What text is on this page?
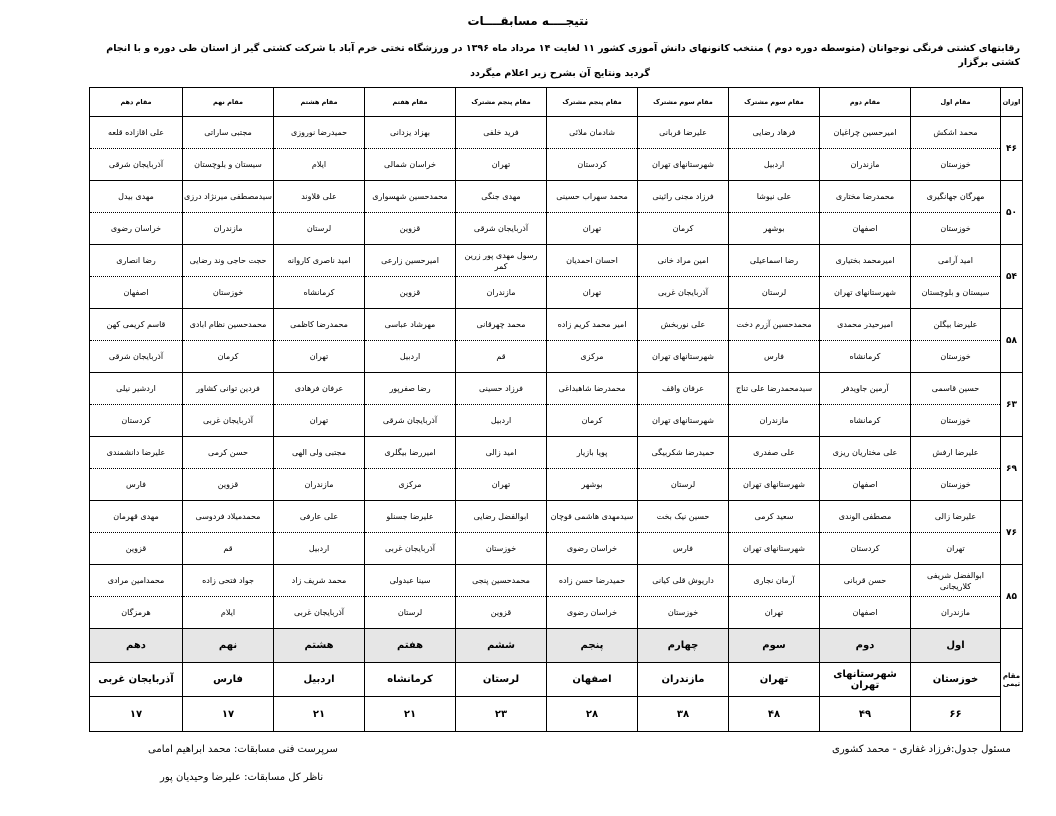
نتیجــــه مسابقــــات
رقابتهای کشتی فرنگی نوجوانان (متوسطه دوره دوم ) منتخب کانونهای دانش آموزی کشور ۱۱ لغایت ۱۴ مرداد ماه ۱۳۹۶ در ورزشگاه تختی خرم آباد با شرکت کشتی گیر از استان طی دوره و با انجام کشتی برگزار
گردید ونتایج آن بشرح زیر اعلام میگردد
اوزان	مقام اول	مقام دوم	مقام سوم مشترک	مقام سوم مشترک	مقام پنجم مشترک	مقام پنجم مشترک	مقام هفتم	مقام هشتم	مقام نهم	مقام دهم
۴۶	محمد اشکش	امیرحسین چراغیان	فرهاد رضایی	علیرضا قربانی	شادمان ملائی	فرید خلفی	بهزاد یزدانی	حمیدرضا نوروزی	مجتبی ساراتی	علی اقازاده قلعه
	خوزستان	مازندران	اردبیل	شهرستانهای تهران	کردستان	تهران	خراسان شمالی	ایلام	سیستان و بلوچستان	آذربایجان شرقی
۵۰	مهرگان جهانگیری	محمدرضا مختاری	علی نیوشا	فرزاد مجنی راثینی	محمد سهراب حسینی	مهدی جنگی	محمدحسین شهسواری	علی قلاوند	سیدمصطفی میرنژاد درزی	مهدی بیدل
	خوزستان	اصفهان	بوشهر	کرمان	تهران	آذربایجان شرقی	قزوین	لرستان	مازندران	خراسان رضوی
۵۴	امید آرامی	امیرمحمد بختیاری	رضا اسماعیلی	امین مراد خانی	احسان احمدیان	رسول مهدی پور زرین کمر	امیرحسین زارعی	امید ناصری کاروانه	حجت حاجی وند رضایی	رضا انصاری
	سیستان و بلوچستان	شهرستانهای تهران	لرستان	آذربایجان غربی	تهران	مازندران	قزوین	کرمانشاه	خوزستان	اصفهان
۵۸	علیرضا بیگلن	امیرحیدر محمدی	محمدحسین آزرم دخت	علی نوربخش	امیر محمد کریم زاده	محمد چهرقانی	مهرشاد عباسی	محمدرضا کاظمی	محمدحسین نظام ابادی	قاسم کریمی کهن
	خوزستان	کرمانشاه	فارس	شهرستانهای تهران	مرکزی	قم	اردبیل	تهران	کرمان	آذربایجان شرقی
۶۳	حسین قاسمی	آرمین جاویدفر	سیدمحمدرضا علی تناج	عرفان واقف	محمدرضا شاهبداغی	فرزاد حسینی	رضا صفرپور	عرفان فرهادی	فردین توانی کشاور	اردشیر نیلی
	خوزستان	کرمانشاه	مازندران	شهرستانهای تهران	کرمان	اردبیل	آذربایجان شرقی	تهران	آذربایجان غربی	کردستان
۶۹	علیرضا ارفش	علی مختاریان ریزی	علی صفدری	حمیدرضا شکربیگی	پویا بازیار	امید زالی	امیررضا بیگلری	مجتبی ولی الهی	حسن کرمی	علیرضا دانشمندی
	خوزستان	اصفهان	شهرستانهای تهران	لرستان	بوشهر	تهران	مرکزی	مازندران	قزوین	فارس
۷۶	علیرضا زالی	مصطفی الوندی	سعید کرمی	حسین نیک بخت	سیدمهدی هاشمی قوچان	ابوالفضل رضایی	علیرضا جسنلو	علی عارفی	محمدمیلاد فردوسی	مهدی قهرمان
	تهران	کردستان	شهرستانهای تهران	فارس	خراسان رضوی	خوزستان	آذربایجان غربی	اردبیل	قم	قزوین
۸۵	ابوالفضل شریفی کلاریجانی	حسن قربانی	آرمان نجاری	داریوش قلی کیانی	حمیدرضا حسن زاده	محمدحسین پنجی	سینا عبدولی	محمد شریف زاد	جواد فتحی زاده	محمدامین مرادی
	مازندران	اصفهان	تهران	خوزستان	خراسان رضوی	قزوین	لرستان	آذربایجان غربی	ایلام	هرمزگان
مقام تیمی	اول	دوم	سوم	چهارم	پنجم	ششم	هفتم	هشتم	نهم	دهم
	خوزستان	شهرستانهای تهران	تهران	مازندران	اصفهان	لرستان	کرمانشاه	اردبیل	فارس	آذربایجان غربی
	۶۶	۴۹	۴۸	۳۸	۲۸	۲۳	۲۱	۲۱	۱۷	۱۷
مسئول جدول:فرزاد غفاری - محمد کشوری
سرپرست فنی مسابقات: محمد ابراهیم امامی
ناظر کل مسابقات: علیرضا وحیدیان پور
